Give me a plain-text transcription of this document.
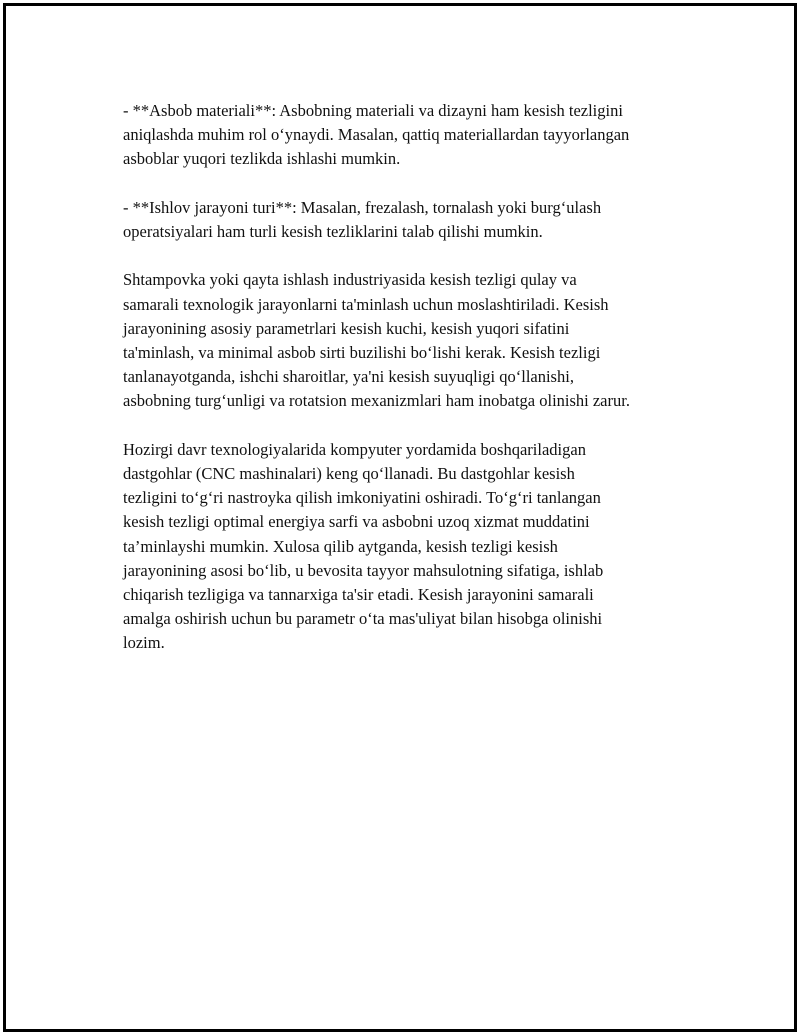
- **Asbob materiali**: Asbobning materiali va dizayni ham kesish tezligini
aniqlashda muhim rol o‘ynaydi. Masalan, qattiq materiallardan tayyorlangan
asboblar yuqori tezlikda ishlashi mumkin.

- **Ishlov jarayoni turi**: Masalan, frezalash, tornalash yoki burg‘ulash
operatsiyalari ham turli kesish tezliklarini talab qilishi mumkin.

Shtampovka yoki qayta ishlash industriyasida kesish tezligi qulay va
samarali texnologik jarayonlarni ta'minlash uchun moslashtiriladi. Kesish
jarayonining asosiy parametrlari kesish kuchi, kesish yuqori sifatini
ta'minlash, va minimal asbob sirti buzilishi bo‘lishi kerak. Kesish tezligi
tanlanayotganda, ishchi sharoitlar, ya'ni kesish suyuqligi qo‘llanishi,
asbobning turg‘unligi va rotatsion mexanizmlari ham inobatga olinishi zarur.

Hozirgi davr texnologiyalarida kompyuter yordamida boshqariladigan
dastgohlar (CNC mashinalari) keng qo‘llanadi. Bu dastgohlar kesish
tezligini to‘g‘ri nastroyka qilish imkoniyatini oshiradi. To‘g‘ri tanlangan
kesish tezligi optimal energiya sarfi va asbobni uzoq xizmat muddatini
ta’minlayshi mumkin. Xulosa qilib aytganda, kesish tezligi kesish
jarayonining asosi bo‘lib, u bevosita tayyor mahsulotning sifatiga, ishlab
chiqarish tezligiga va tannarxiga ta'sir etadi. Kesish jarayonini samarali
amalga oshirish uchun bu parametr o‘ta mas'uliyat bilan hisobga olinishi
lozim.
